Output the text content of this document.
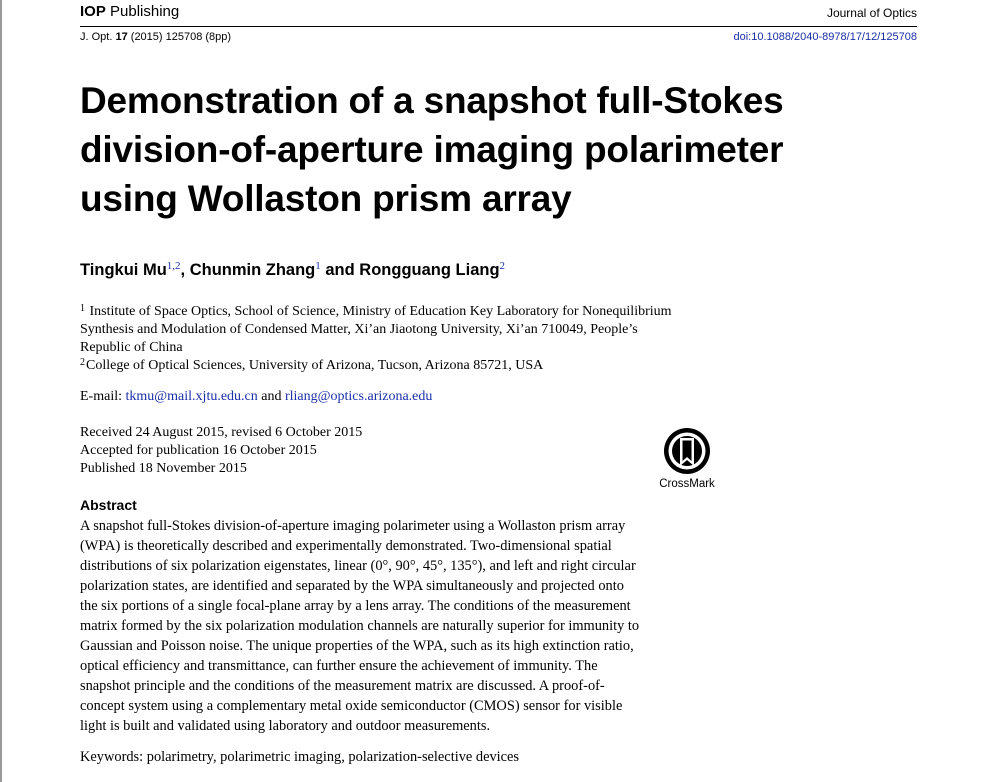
IOP Publishing	Journal of Optics
J. Opt. 17 (2015) 125708 (8pp)	doi:10.1088/2040-8978/17/12/125708
Demonstration of a snapshot full-Stokes
division-of-aperture imaging polarimeter
using Wollaston prism array
Tingkui Mu$^{1,2}$, Chunmin Zhang$^1$ and Rongguang Liang$^2$
$^1$ Institute of Space Optics, School of Science, Ministry of Education Key Laboratory for Nonequilibrium
Synthesis and Modulation of Condensed Matter, Xi’an Jiaotong University, Xi’an 710049, People’s
Republic of China
$^2$College of Optical Sciences, University of Arizona, Tucson, Arizona 85721, USA
E-mail: tkmu@mail.xjtu.edu.cn and rliang@optics.arizona.edu
Received 24 August 2015, revised 6 October 2015
Accepted for publication 16 October 2015
Published 18 November 2015
CrossMark
Abstract
A snapshot full-Stokes division-of-aperture imaging polarimeter using a Wollaston prism array
(WPA) is theoretically described and experimentally demonstrated. Two-dimensional spatial
distributions of six polarization eigenstates, linear (0°, 90°, 45°, 135°), and left and right circular
polarization states, are identified and separated by the WPA simultaneously and projected onto
the six portions of a single focal-plane array by a lens array. The conditions of the measurement
matrix formed by the six polarization modulation channels are naturally superior for immunity to
Gaussian and Poisson noise. The unique properties of the WPA, such as its high extinction ratio,
optical efficiency and transmittance, can further ensure the achievement of immunity. The
snapshot principle and the conditions of the measurement matrix are discussed. A proof-of-
concept system using a complementary metal oxide semiconductor (CMOS) sensor for visible
light is built and validated using laboratory and outdoor measurements.
Keywords: polarimetry, polarimetric imaging, polarization-selective devices
